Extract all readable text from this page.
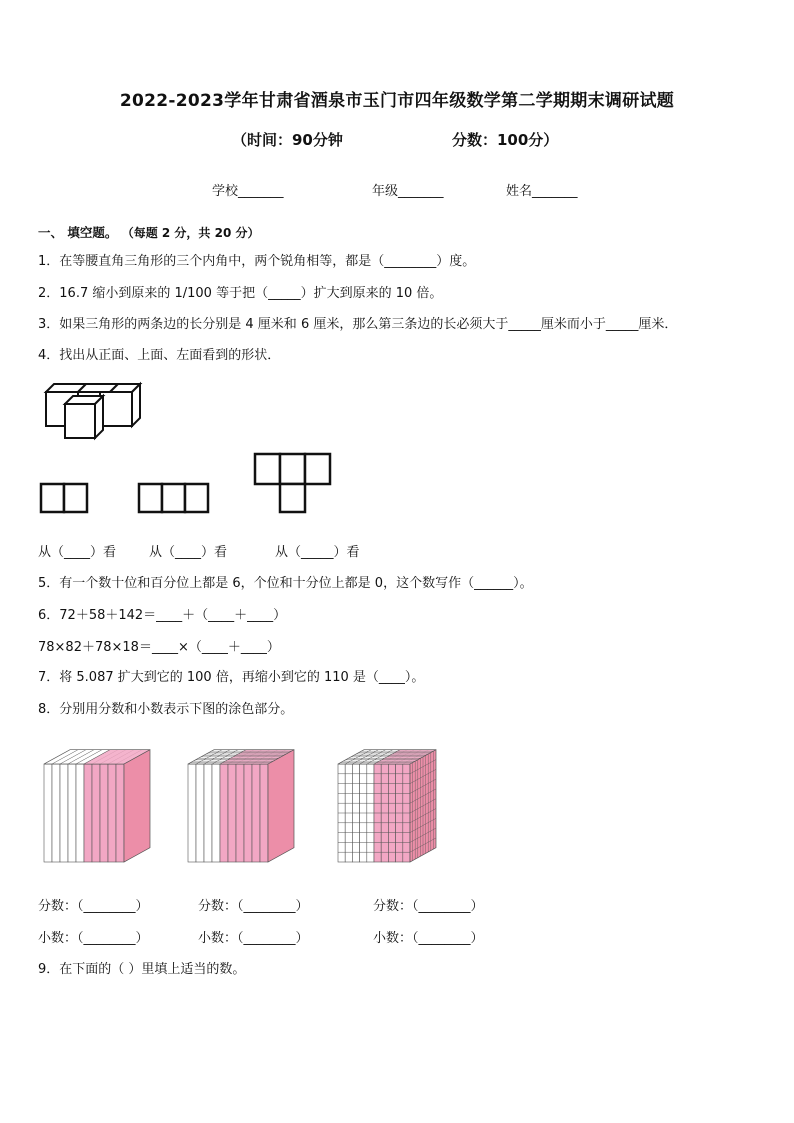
2022-2023学年甘肃省酒泉市玉门市四年级数学第二学期期末调研试题
（时间：90分钟	分数：100分）
学校_______	年级_______	姓名_______
一、 填空题。 （每题 2 分，共 20 分）
1．在等腰直角三角形的三个内角中，两个锐角相等，都是（________）度。
2．16.7 缩小到原来的 1/100 等于把（_____）扩大到原来的 10 倍。
3．如果三角形的两条边的长分别是 4 厘米和 6 厘米，那么第三条边的长必须大于_____厘米而小于_____厘米．
4．找出从正面、上面、左面看到的形状．
从（____）看	从（____）看	从（_____）看
5．有一个数十位和百分位上都是 6，个位和十分位上都是 0，这个数写作（______）。
6．72＋58＋142＝____＋（____＋____）
78×82＋78×18＝____×（____＋____）
7．将 5.087 扩大到它的 100 倍，再缩小到它的 110 是（____）。
8．分别用分数和小数表示下图的涂色部分。
分数：（________）	分数：（________）	分数：（________）
小数：（________）	小数：（________）	小数：（________）
9．在下面的（ ）里填上适当的数。
